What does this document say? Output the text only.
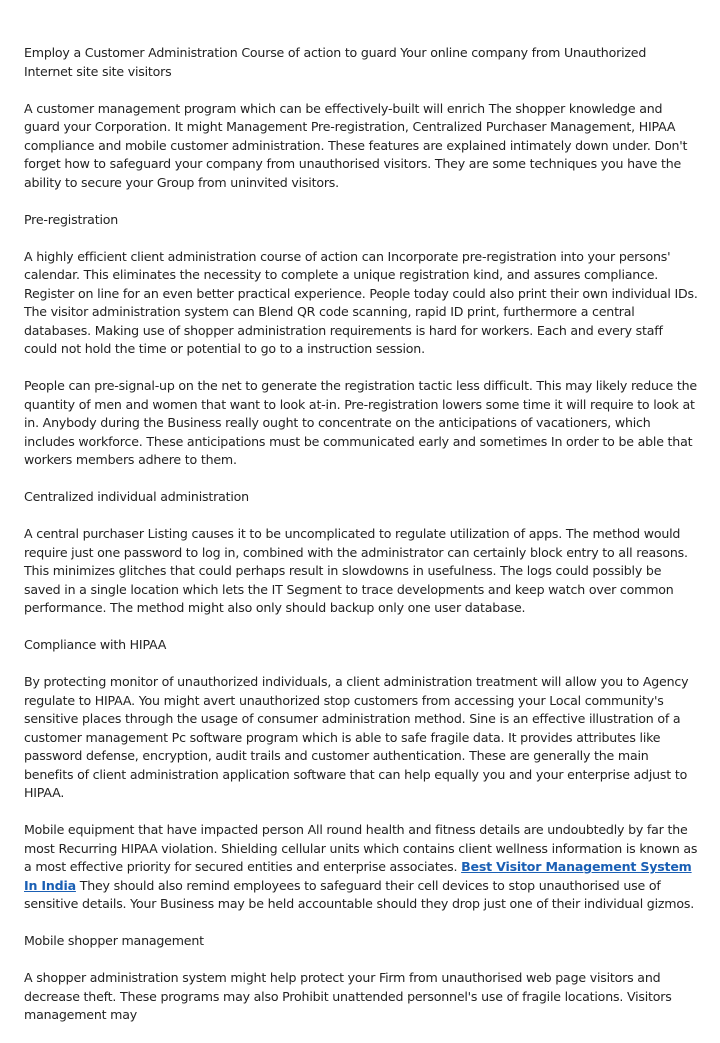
Employ a Customer Administration Course of action to guard Your online company from Unauthorized Internet site site visitors

A customer management program which can be effectively-built will enrich The shopper knowledge and guard your Corporation. It might Management Pre-registration, Centralized Purchaser Management, HIPAA compliance and mobile customer administration. These features are explained intimately down under. Don't forget how to safeguard your company from unauthorised visitors. They are some techniques you have the ability to secure your Group from uninvited visitors.

Pre-registration

A highly efficient client administration course of action can Incorporate pre-registration into your persons' calendar. This eliminates the necessity to complete a unique registration kind, and assures compliance. Register on line for an even better practical experience. People today could also print their own individual IDs. The visitor administration system can Blend QR code scanning, rapid ID print, furthermore a central databases. Making use of shopper administration requirements is hard for workers. Each and every staff could not hold the time or potential to go to a instruction session.

People can pre-signal-up on the net to generate the registration tactic less difficult. This may likely reduce the quantity of men and women that want to look at-in. Pre-registration lowers some time it will require to look at in. Anybody during the Business really ought to concentrate on the anticipations of vacationers, which includes workforce. These anticipations must be communicated early and sometimes In order to be able that workers members adhere to them.

Centralized individual administration

A central purchaser Listing causes it to be uncomplicated to regulate utilization of apps. The method would require just one password to log in, combined with the administrator can certainly block entry to all reasons. This minimizes glitches that could perhaps result in slowdowns in usefulness. The logs could possibly be saved in a single location which lets the IT Segment to trace developments and keep watch over common performance. The method might also only should backup only one user database.

Compliance with HIPAA

By protecting monitor of unauthorized individuals, a client administration treatment will allow you to Agency regulate to HIPAA. You might avert unauthorized stop customers from accessing your Local community's sensitive places through the usage of consumer administration method. Sine is an effective illustration of a customer management Pc software program which is able to safe fragile data. It provides attributes like password defense, encryption, audit trails and customer authentication. These are generally the main benefits of client administration application software that can help equally you and your enterprise adjust to HIPAA.

Mobile equipment that have impacted person All round health and fitness details are undoubtedly by far the most Recurring HIPAA violation. Shielding cellular units which contains client wellness information is known as a most effective priority for secured entities and enterprise associates. Best Visitor Management System In India They should also remind employees to safeguard their cell devices to stop unauthorised use of sensitive details. Your Business may be held accountable should they drop just one of their individual gizmos.

Mobile shopper management

A shopper administration system might help protect your Firm from unauthorised web page visitors and decrease theft. These programs may also Prohibit unattended personnel's use of fragile locations. Visitors management may
